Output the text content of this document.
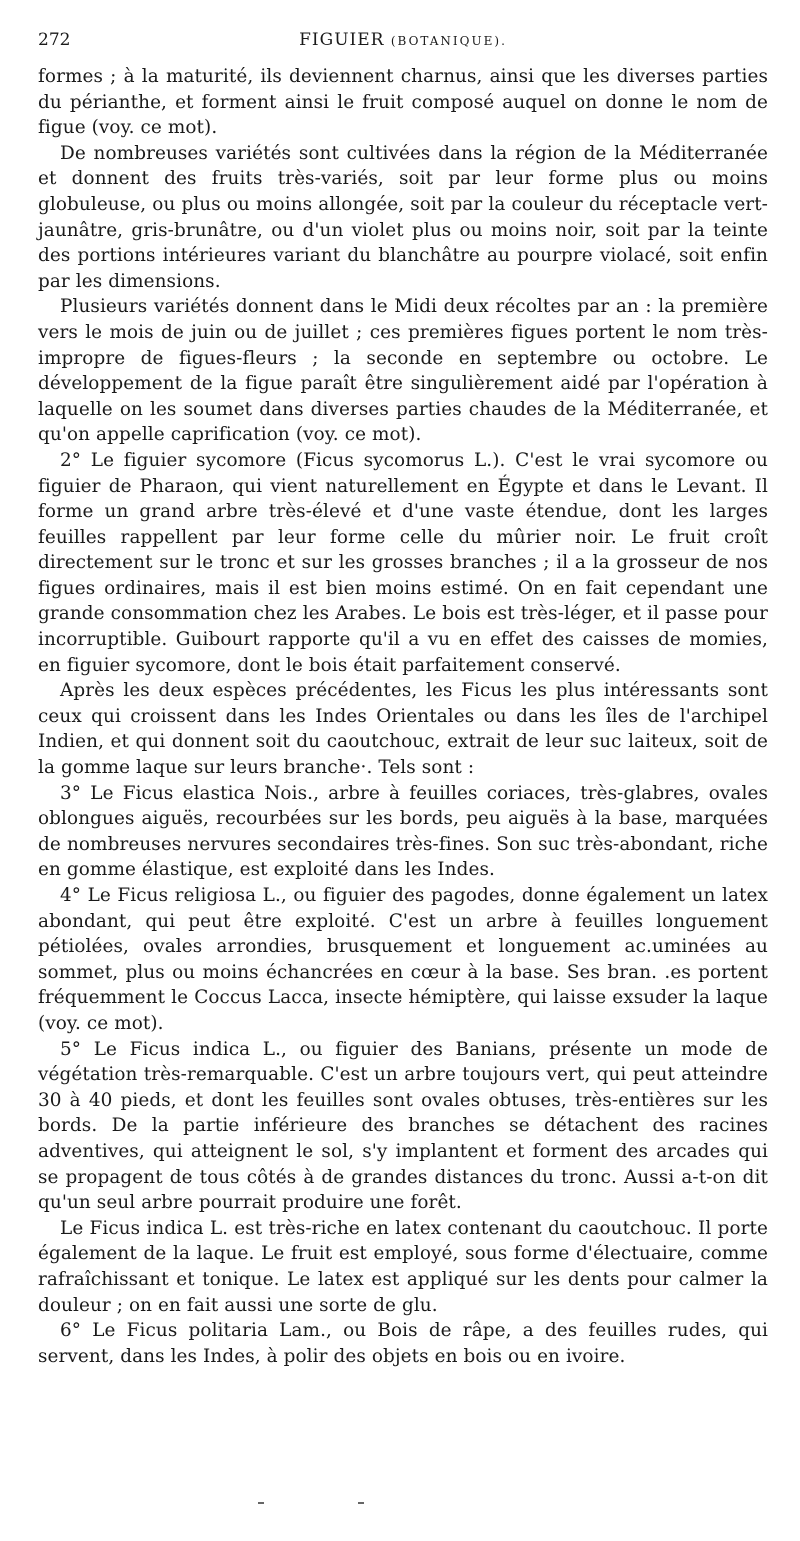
272	FIGUIER (BOTANIQUE).

formes ; à la maturité, ils deviennent charnus, ainsi que les diverses parties du périanthe, et forment ainsi le fruit composé auquel on donne le nom de figue (voy. ce mot).

De nombreuses variétés sont cultivées dans la région de la Méditerranée et donnent des fruits très-variés, soit par leur forme plus ou moins globuleuse, ou plus ou moins allongée, soit par la couleur du réceptacle vert-jaunâtre, gris-brunâtre, ou d'un violet plus ou moins noir, soit par la teinte des portions intérieures variant du blanchâtre au pourpre violacé, soit enfin par les dimensions.

Plusieurs variétés donnent dans le Midi deux récoltes par an : la première vers le mois de juin ou de juillet ; ces premières figues portent le nom très-impropre de figues-fleurs ; la seconde en septembre ou octobre. Le développement de la figue paraît être singulièrement aidé par l'opération à laquelle on les soumet dans diverses parties chaudes de la Méditerranée, et qu'on appelle caprification (voy. ce mot).

2° Le figuier sycomore (Ficus sycomorus L.). C'est le vrai sycomore ou figuier de Pharaon, qui vient naturellement en Égypte et dans le Levant. Il forme un grand arbre très-élevé et d'une vaste étendue, dont les larges feuilles rappellent par leur forme celle du mûrier noir. Le fruit croît directement sur le tronc et sur les grosses branches ; il a la grosseur de nos figues ordinaires, mais il est bien moins estimé. On en fait cependant une grande consommation chez les Arabes. Le bois est très-léger, et il passe pour incorruptible. Guibourt rapporte qu'il a vu en effet des caisses de momies, en figuier sycomore, dont le bois était parfaitement conservé.

Après les deux espèces précédentes, les Ficus les plus intéressants sont ceux qui croissent dans les Indes Orientales ou dans les îles de l'archipel Indien, et qui donnent soit du caoutchouc, extrait de leur suc laiteux, soit de la gomme laque sur leurs branche·. Tels sont :

3° Le Ficus elastica Nois., arbre à feuilles coriaces, très-glabres, ovales oblongues aiguës, recourbées sur les bords, peu aiguës à la base, marquées de nombreuses nervures secondaires très-fines. Son suc très-abondant, riche en gomme élastique, est exploité dans les Indes.

4° Le Ficus religiosa L., ou figuier des pagodes, donne également un latex abondant, qui peut être exploité. C'est un arbre à feuilles longuement pétiolées, ovales arrondies, brusquement et longuement ac.uminées au sommet, plus ou moins échancrées en cœur à la base. Ses bran. .es portent fréquemment le Coccus Lacca, insecte hémiptère, qui laisse exsuder la laque (voy. ce mot).

5° Le Ficus indica L., ou figuier des Banians, présente un mode de végétation très-remarquable. C'est un arbre toujours vert, qui peut atteindre 30 à 40 pieds, et dont les feuilles sont ovales obtuses, très-entières sur les bords. De la partie inférieure des branches se détachent des racines adventives, qui atteignent le sol, s'y implantent et forment des arcades qui se propagent de tous côtés à de grandes distances du tronc. Aussi a-t-on dit qu'un seul arbre pourrait produire une forêt.

Le Ficus indica L. est très-riche en latex contenant du caoutchouc. Il porte également de la laque. Le fruit est employé, sous forme d'électuaire, comme rafraîchissant et tonique. Le latex est appliqué sur les dents pour calmer la douleur ; on en fait aussi une sorte de glu.

6° Le Ficus politaria Lam., ou Bois de râpe, a des feuilles rudes, qui servent, dans les Indes, à polir des objets en bois ou en ivoire.
